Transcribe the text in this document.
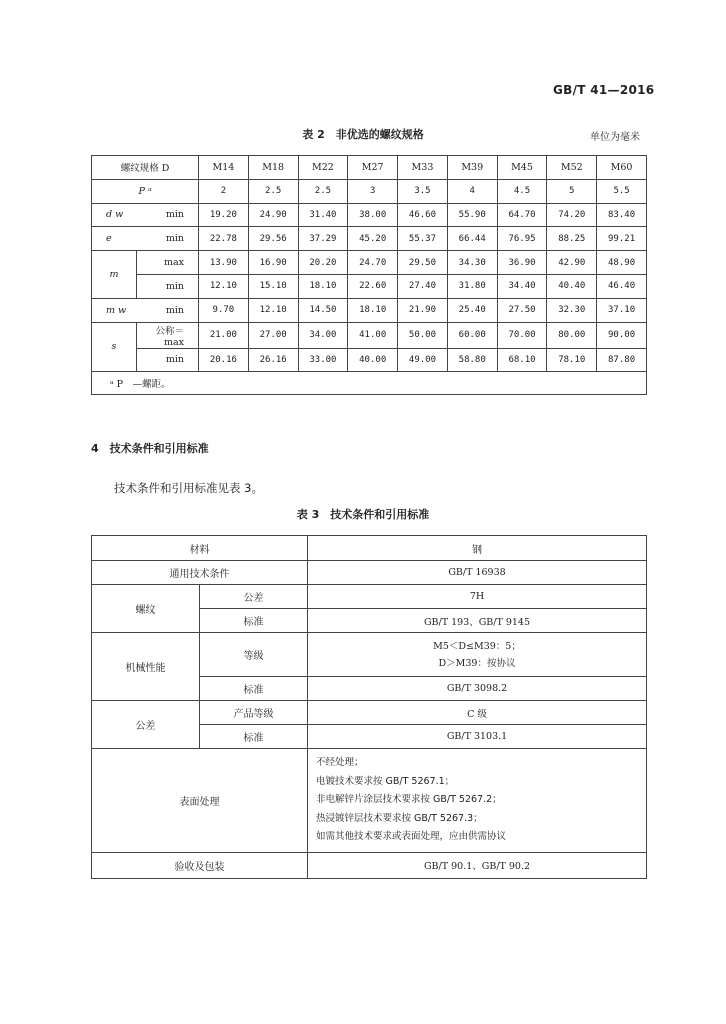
GB/T 41—2016
表 2　非优选的螺纹规格	单位为毫米
螺纹规格 D		M14	M18	M22	M27	M33	M39	M45	M52	M60
P ᵃ		2	2.5	2.5	3	3.5	4	4.5	5	5.5

d w min		19.20	24.90	31.40	38.00	46.60	55.90	64.70	74.20	83.40

e min		22.78	29.56	37.29	45.20	55.37	66.44	76.95	88.25	99.21
m	max	13.90	16.90	20.20	24.70	29.50	34.30	36.90	42.90	48.90
	min	12.10	15.10	18.10	22.60	27.40	31.80	34.40	40.40	46.40

m w min		9.70	12.10	14.50	18.10	21.90	25.40	27.50	32.30	37.10
s	公称＝max	21.00	27.00	34.00	41.00	50.00	60.00	70.00	80.00	90.00
	min	20.16	26.16	33.00	40.00	49.00	58.80	68.10	78.10	87.80
ᵃ P　—螺距。										
4　技术条件和引用标准
技术条件和引用标准见表 3。
表 3　技术条件和引用标准
材料		钢
通用技术条件		GB/T 16938
螺纹	公差	7H
	标准	GB/T 193、GB/T 9145
机械性能	等级	M5＜D≤M39：5；
D＞M39：按协议

	标准	GB/T 3098.2
公差	产品等级	C 级
	标准	GB/T 3103.1
表面处理		不经处理；
电镀技术要求按 GB/T 5267.1；
非电解锌片涂层技术要求按 GB/T 5267.2；
热浸镀锌层技术要求按 GB/T 5267.3；
如需其他技术要求或表面处理，应由供需协议

验收及包装		GB/T 90.1、GB/T 90.2
